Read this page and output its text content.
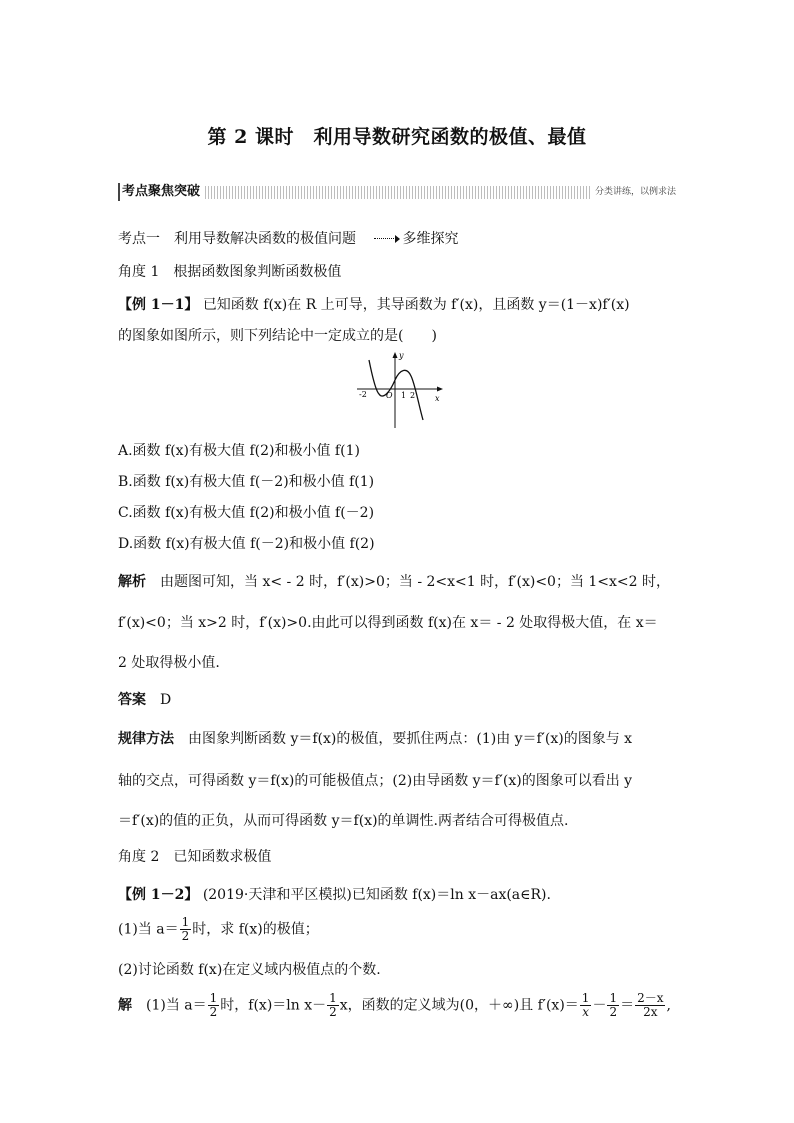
第 2 课时　利用导数研究函数的极值、最值
考点聚焦突破	分类讲练，以例求法
考点一　利用导数解决函数的极值问题	多维探究
角度 1　根据函数图象判断函数极值
【例 1－1】 已知函数 f(x)在 R 上可导，其导函数为 f′(x)，且函数 y＝(1－x)f′(x)
的图象如图所示，则下列结论中一定成立的是(　　)
y
x
O
-2	1 2
A.函数 f(x)有极大值 f(2)和极小值 f(1)
B.函数 f(x)有极大值 f(－2)和极小值 f(1)
C.函数 f(x)有极大值 f(2)和极小值 f(－2)
D.函数 f(x)有极大值 f(－2)和极小值 f(2)
解析  由题图可知，当 x< - 2 时，f′(x)>0；当 - 2<x<1 时，f′(x)<0；当 1<x<2 时，
f′(x)<0；当 x>2 时，f′(x)>0.由此可以得到函数 f(x)在 x＝ - 2 处取得极大值，在 x＝
2 处取得极小值.
答案  D
规律方法  由图象判断函数 y＝f(x)的极值，要抓住两点：(1)由 y＝f′(x)的图象与 x
轴的交点，可得函数 y＝f(x)的可能极值点；(2)由导函数 y＝f′(x)的图象可以看出 y
＝f′(x)的值的正负，从而可得函数 y＝f(x)的单调性.两者结合可得极值点.
角度 2　已知函数求极值
【例 1－2】 (2019·天津和平区模拟)已知函数 f(x)＝ln x－ax(a∈R).
(1)当 $a= \frac{1}{2}$ 时，求 f(x)的极值；
(2)讨论函数 f(x)在定义域内极值点的个数.
解  (1)当 $a= \frac{1}{2}$ 时，f(x)＝ln $x- \frac{1}{2}$ x，函数的定义域为(0，＋∞)且 $f'(x)= \frac{1}{x} - \frac{1}{2} = \frac{2-x}{2x}$ ,
